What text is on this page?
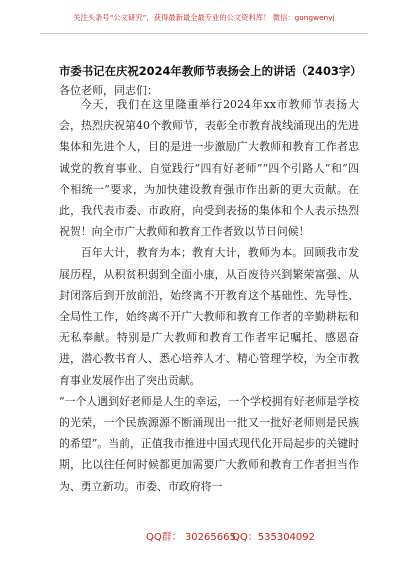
关注头条号“公文研究”，获得最新最全最专业的公文资料库！ 微信：gongwenyj
市委书记在庆祝2024年教师节表扬会上的讲话（2403字）
各位老师，同志们：

今天，我们在这里隆重举行2024年xx市教师节表扬大会，热烈庆祝第40个教师节，表彰全市教育战线涌现出的先进集体和先进个人，目的是进一步激励广大教师和教育工作者忠诚党的教育事业、自觉践行“四有好老师”“四个引路人”和“四个相统一”要求，为加快建设教育强市作出新的更大贡献。在此，我代表市委、市政府，向受到表扬的集体和个人表示热烈祝贺！向全市广大教师和教育工作者致以节日问候！

百年大计，教育为本；教育大计，教师为本。回顾我市发展历程，从积贫积弱到全面小康，从百废待兴到繁荣富强、从封闭落后到开放前沿，始终离不开教育这个基础性、先导性、全局性工作，始终离不开广大教师和教育工作者的辛勤耕耘和无私奉献。特别是广大教师和教育工作者牢记嘱托、感恩奋进，潜心教书育人、悉心培养人才、精心管理学校，为全市教育事业发展作出了突出贡献。

“一个人遇到好老师是人生的幸运，一个学校拥有好老师是学校的光荣，一个民族源源不断涌现出一批又一批好老师则是民族的希望”。当前，正值我市推进中国式现代化开局起步的关键时期，比以往任何时候都更加需要广大教师和教育工作者担当作为、勇立新功。市委、市政府将一

QQ群： 30265665
QQ：535304092
